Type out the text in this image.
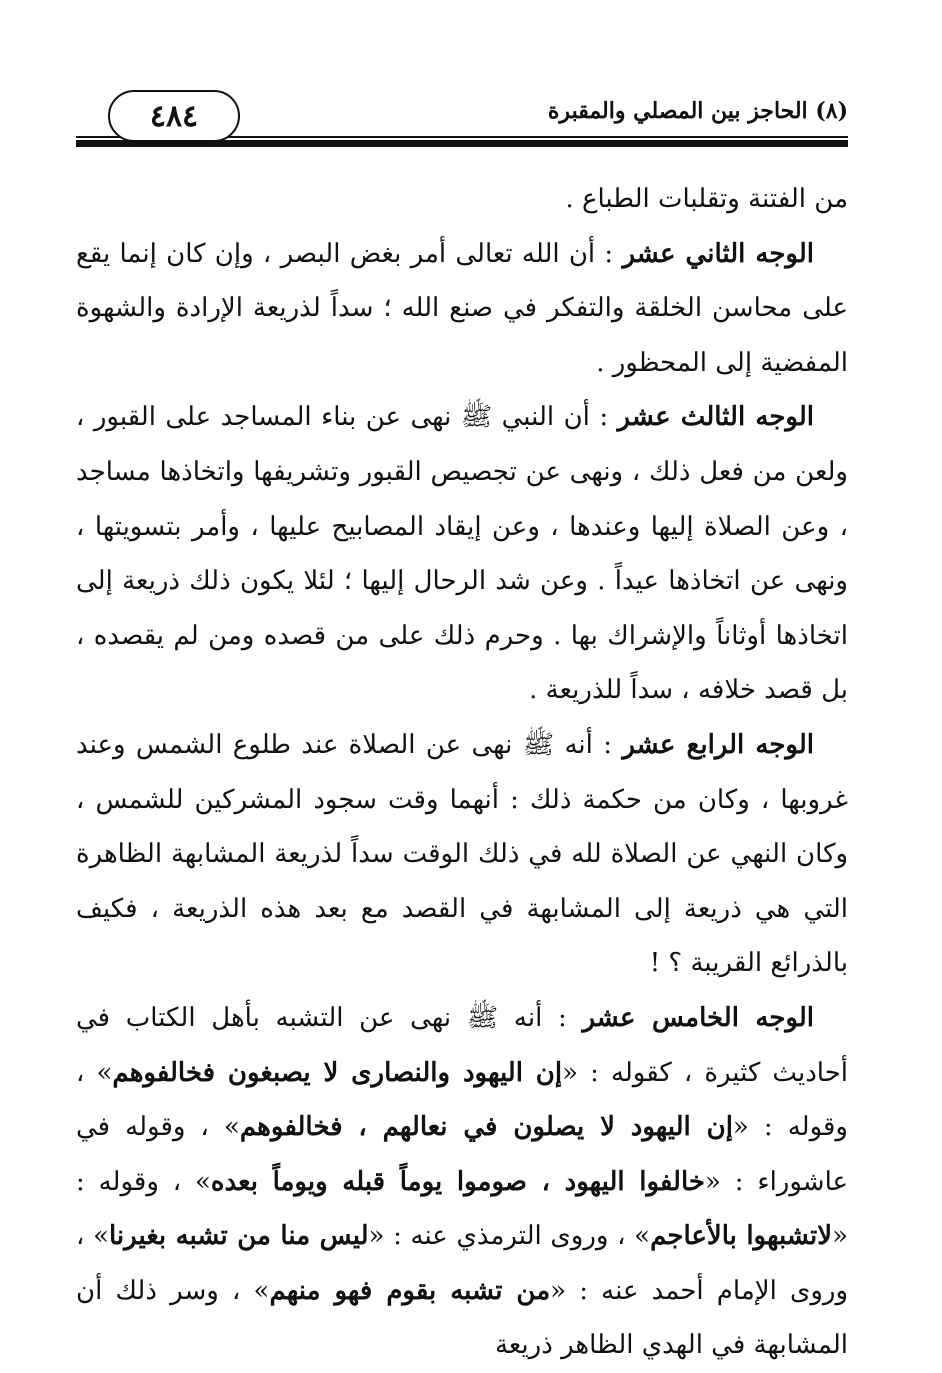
٤٨٤	(٨) الحاجز بين المصلي والمقبرة

من الفتنة وتقلبات الطباع .

الوجه الثاني عشر : أن الله تعالى أمر بغض البصر ، وإن كان إنما يقع على محاسن الخلقة والتفكر في صنع الله ؛ سداً لذريعة الإرادة والشهوة المفضية إلى المحظور .

الوجه الثالث عشر : أن النبي ﷺ نهى عن بناء المساجد على القبور ، ولعن من فعل ذلك ، ونهى عن تجصيص القبور وتشريفها واتخاذها مساجد ، وعن الصلاة إليها وعندها ، وعن إيقاد المصابيح عليها ، وأمر بتسويتها ، ونهى عن اتخاذها عيداً . وعن شد الرحال إليها ؛ لئلا يكون ذلك ذريعة إلى اتخاذها أوثاناً والإشراك بها . وحرم ذلك على من قصده ومن لم يقصده ، بل قصد خلافه ، سداً للذريعة .

الوجه الرابع عشر : أنه ﷺ نهى عن الصلاة عند طلوع الشمس وعند غروبها ، وكان من حكمة ذلك : أنهما وقت سجود المشركين للشمس ، وكان النهي عن الصلاة لله في ذلك الوقت سداً لذريعة المشابهة الظاهرة التي هي ذريعة إلى المشابهة في القصد مع بعد هذه الذريعة ، فكيف بالذرائع القريبة ؟ !

الوجه الخامس عشر : أنه ﷺ نهى عن التشبه بأهل الكتاب في أحاديث كثيرة ، كقوله : «إن اليهود والنصارى لا يصبغون فخالفوهم» ، وقوله : «إن اليهود لا يصلون في نعالهم ، فخالفوهم» ، وقوله في عاشوراء : «خالفوا اليهود ، صوموا يوماً قبله ويوماً بعده» ، وقوله : «لاتشبهوا بالأعاجم» ، وروى الترمذي عنه : «ليس منا من تشبه بغيرنا» ، وروى الإمام أحمد عنه : «من تشبه بقوم فهو منهم» ، وسر ذلك أن المشابهة في الهدي الظاهر ذريعة
